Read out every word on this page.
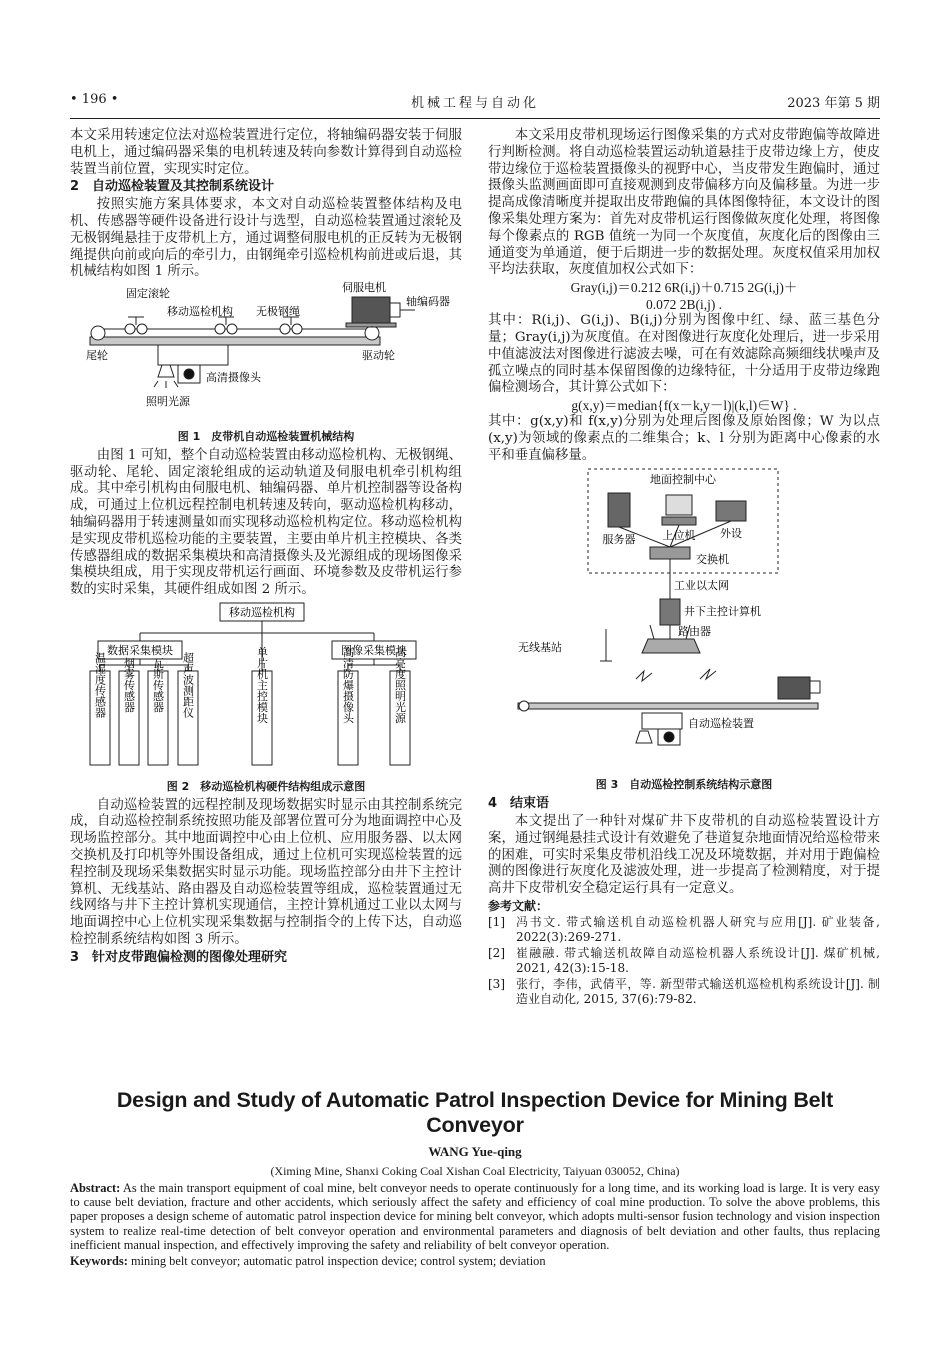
• 196 •	机械工程与自动化	2023 年第 5 期

本文采用转速定位法对巡检装置进行定位，将轴编码器安装于伺服电机上，通过编码器采集的电机转速及转向参数计算得到自动巡检装置当前位置，实现实时定位。

2　自动巡检装置及其控制系统设计

按照实施方案具体要求，本文对自动巡检装置整体结构及电机、传感器等硬件设备进行设计与选型，自动巡检装置通过滚轮及无极钢绳悬挂于皮带机上方，通过调整伺服电机的正反转为无极钢绳提供向前或向后的牵引力，由钢绳牵引巡检机构前进或后退，其机械结构如图 1 所示。

固定滚轮
移动巡检机构 无极钢绳
伺服电机
轴编码器
尾轮	驱动轮
高清摄像头
照明光源
图 1　皮带机自动巡检装置机械结构

由图 1 可知，整个自动巡检装置由移动巡检机构、无极钢绳、驱动轮、尾轮、固定滚轮组成的运动轨道及伺服电机牵引机构组成。其中牵引机构由伺服电机、轴编码器、单片机控制器等设备构成，可通过上位机远程控制电机转速及转向，驱动巡检机构移动，轴编码器用于转速测量如而实现移动巡检机构定位。移动巡检机构是实现皮带机巡检功能的主要装置，主要由单片机主控模块、各类传感器组成的数据采集模块和高清摄像头及光源组成的现场图像采集模块组成，用于实现皮带机运行画面、环境参数及皮带机运行参数的实时采集，其硬件组成如图 2 所示。

移动巡检机构
数据采集模块	图像采集模块
温湿度传感器 烟雾传感器 瓦斯传感器 超声波测距仪	单片机主控模块	高清防爆摄像头	高亮度照明光源
图 2　移动巡检机构硬件结构组成示意图

自动巡检装置的远程控制及现场数据实时显示由其控制系统完成，自动巡检控制系统按照功能及部署位置可分为地面调控中心及现场监控部分。其中地面调控中心由上位机、应用服务器、以太网交换机及打印机等外围设备组成，通过上位机可实现巡检装置的远程控制及现场采集数据实时显示功能。现场监控部分由井下主控计算机、无线基站、路由器及自动巡检装置等组成，巡检装置通过无线网络与井下主控计算机实现通信，主控计算机通过工业以太网与地面调控中心上位机实现采集数据与控制指令的上传下达，自动巡检控制系统结构如图 3 所示。

3　针对皮带跑偏检测的图像处理研究

本文采用皮带机现场运行图像采集的方式对皮带跑偏等故障进行判断检测。将自动巡检装置运动轨道悬挂于皮带边缘上方，使皮带边缘位于巡检装置摄像头的视野中心，当皮带发生跑偏时，通过摄像头监测画面即可直接观测到皮带偏移方向及偏移量。为进一步提高成像清晰度并提取出皮带跑偏的具体图像特征，本文设计的图像采集处理方案为：首先对皮带机运行图像做灰度化处理，将图像每个像素点的 RGB 值统一为同一个灰度值，灰度化后的图像由三通道变为单通道，便于后期进一步的数据处理。灰度权值采用加权平均法获取，灰度值加权公式如下：

Gray(i,j)＝0.212 6R(i,j)＋0.715 2G(i,j)＋
0.072 2B(i,j) .

其中：R(i,j)、G(i,j)、B(i,j)分别为图像中红、绿、蓝三基色分量；Gray(i,j)为灰度值。在对图像进行灰度化处理后，进一步采用中值滤波法对图像进行滤波去噪，可在有效滤除高频细线状噪声及孤立噪点的同时基本保留图像的边缘特征，十分适用于皮带边缘跑偏检测场合，其计算公式如下：

g(x,y)＝median{f(x－k,y－l)|(k,l)∈W} .

其中：g(x,y)和 f(x,y)分别为处理后图像及原始图像；W 为以点(x,y)为领域的像素点的二维集合；k、l 分别为距离中心像素的水平和垂直偏移量。

地面控制中心
服务器 上位机 外设
交换机
工业以太网
井下主控计算机
路由器
无线基站
自动巡检装置
图 3　自动巡检控制系统结构示意图
4　结束语

本文提出了一种针对煤矿井下皮带机的自动巡检装置设计方案，通过钢绳悬挂式设计有效避免了巷道复杂地面情况给巡检带来的困难，可实时采集皮带机沿线工况及环境数据，并对用于跑偏检测的图像进行灰度化及滤波处理，进一步提高了检测精度，对于提高井下皮带机安全稳定运行具有一定意义。

参考文献：
[1] 冯书文. 带式输送机自动巡检机器人研究与应用[J]. 矿业装备, 2022(3):269-271.
[2] 崔融融. 带式输送机故障自动巡检机器人系统设计[J]. 煤矿机械, 2021, 42(3):15-18.
[3] 张行，李伟，武倩平，等. 新型带式输送机巡检机构系统设计[J]. 制造业自动化, 2015, 37(6):79-82.
Design and Study of Automatic Patrol Inspection Device for Mining Belt Conveyor
WANG Yue-qing
(Ximing Mine, Shanxi Coking Coal Xishan Coal Electricity, Taiyuan 030052, China)
Abstract: As the main transport equipment of coal mine, belt conveyor needs to operate continuously for a long time, and its working load is large. It is very easy to cause belt deviation, fracture and other accidents, which seriously affect the safety and efficiency of coal mine production. To solve the above problems, this paper proposes a design scheme of automatic patrol inspection device for mining belt conveyor, which adopts multi-sensor fusion technology and vision inspection system to realize real-time detection of belt conveyor operation and environmental parameters and diagnosis of belt deviation and other faults, thus replacing inefficient manual inspection, and effectively improving the safety and reliability of belt conveyor operation.
Keywords: mining belt conveyor; automatic patrol inspection device; control system; deviation
